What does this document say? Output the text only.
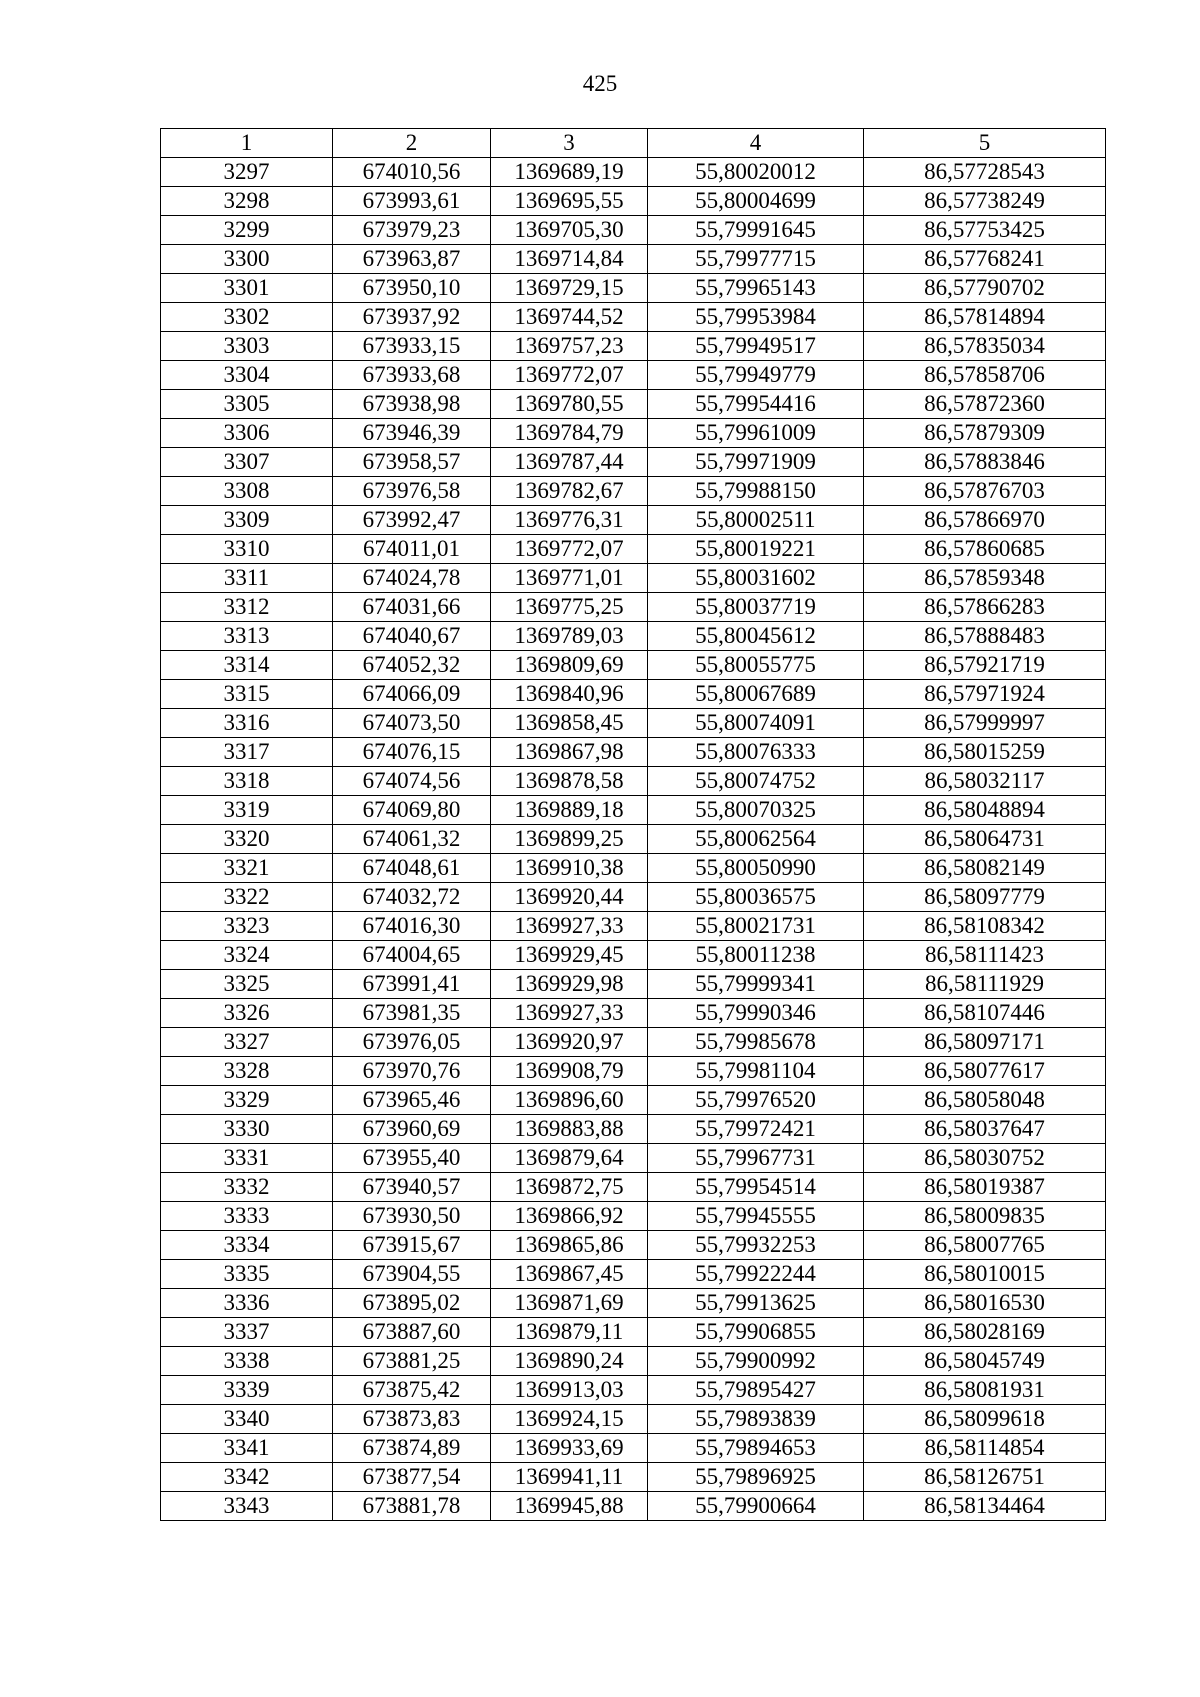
425
1	2	3	4	5
3297	674010,56	1369689,19	55,80020012	86,57728543
3298	673993,61	1369695,55	55,80004699	86,57738249
3299	673979,23	1369705,30	55,79991645	86,57753425
3300	673963,87	1369714,84	55,79977715	86,57768241
3301	673950,10	1369729,15	55,79965143	86,57790702
3302	673937,92	1369744,52	55,79953984	86,57814894
3303	673933,15	1369757,23	55,79949517	86,57835034
3304	673933,68	1369772,07	55,79949779	86,57858706
3305	673938,98	1369780,55	55,79954416	86,57872360
3306	673946,39	1369784,79	55,79961009	86,57879309
3307	673958,57	1369787,44	55,79971909	86,57883846
3308	673976,58	1369782,67	55,79988150	86,57876703
3309	673992,47	1369776,31	55,80002511	86,57866970
3310	674011,01	1369772,07	55,80019221	86,57860685
3311	674024,78	1369771,01	55,80031602	86,57859348
3312	674031,66	1369775,25	55,80037719	86,57866283
3313	674040,67	1369789,03	55,80045612	86,57888483
3314	674052,32	1369809,69	55,80055775	86,57921719
3315	674066,09	1369840,96	55,80067689	86,57971924
3316	674073,50	1369858,45	55,80074091	86,57999997
3317	674076,15	1369867,98	55,80076333	86,58015259
3318	674074,56	1369878,58	55,80074752	86,58032117
3319	674069,80	1369889,18	55,80070325	86,58048894
3320	674061,32	1369899,25	55,80062564	86,58064731
3321	674048,61	1369910,38	55,80050990	86,58082149
3322	674032,72	1369920,44	55,80036575	86,58097779
3323	674016,30	1369927,33	55,80021731	86,58108342
3324	674004,65	1369929,45	55,80011238	86,58111423
3325	673991,41	1369929,98	55,79999341	86,58111929
3326	673981,35	1369927,33	55,79990346	86,58107446
3327	673976,05	1369920,97	55,79985678	86,58097171
3328	673970,76	1369908,79	55,79981104	86,58077617
3329	673965,46	1369896,60	55,79976520	86,58058048
3330	673960,69	1369883,88	55,79972421	86,58037647
3331	673955,40	1369879,64	55,79967731	86,58030752
3332	673940,57	1369872,75	55,79954514	86,58019387
3333	673930,50	1369866,92	55,79945555	86,58009835
3334	673915,67	1369865,86	55,79932253	86,58007765
3335	673904,55	1369867,45	55,79922244	86,58010015
3336	673895,02	1369871,69	55,79913625	86,58016530
3337	673887,60	1369879,11	55,79906855	86,58028169
3338	673881,25	1369890,24	55,79900992	86,58045749
3339	673875,42	1369913,03	55,79895427	86,58081931
3340	673873,83	1369924,15	55,79893839	86,58099618
3341	673874,89	1369933,69	55,79894653	86,58114854
3342	673877,54	1369941,11	55,79896925	86,58126751
3343	673881,78	1369945,88	55,79900664	86,58134464
